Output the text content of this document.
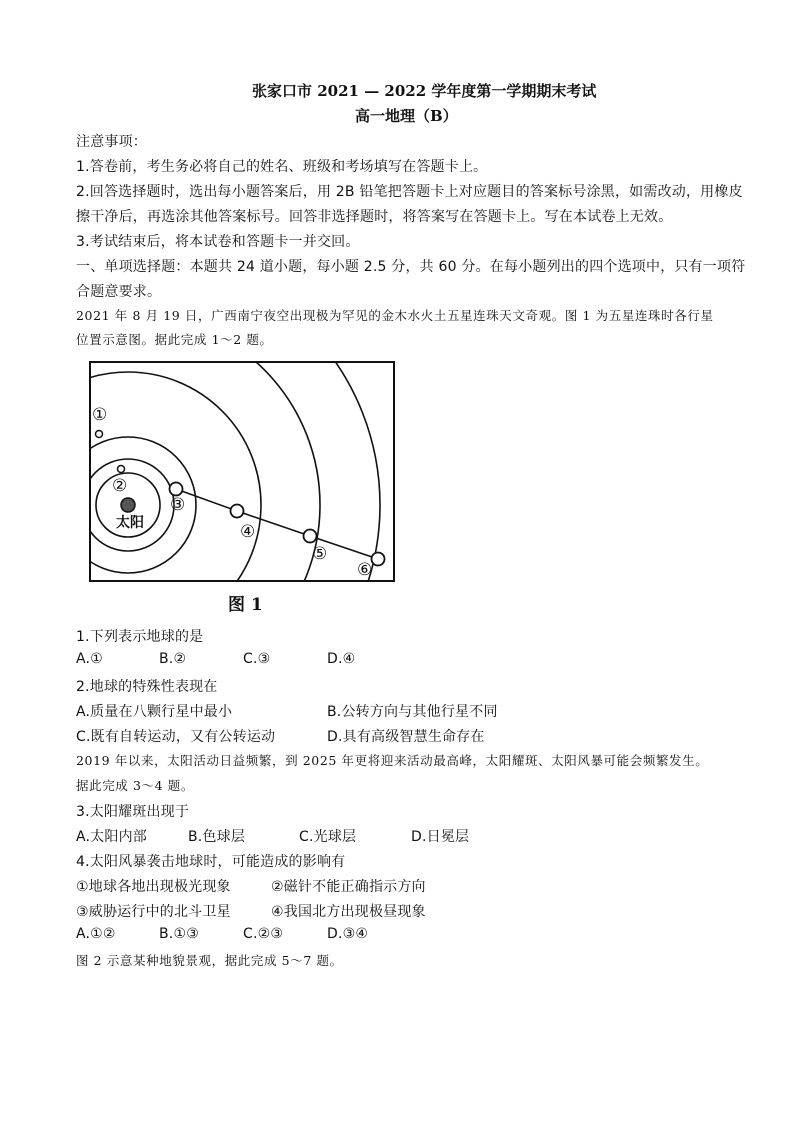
张家口市 2021 — 2022 学年度第一学期期末考试
高一地理（B）
注意事项：
1.答卷前，考生务必将自己的姓名、班级和考场填写在答题卡上。
2.回答选择题时，选出每小题答案后，用 2B 铅笔把答题卡上对应题目的答案标号涂黑，如需改动，用橡皮
擦干净后，再选涂其他答案标号。回答非选择题时，将答案写在答题卡上。写在本试卷上无效。
3.考试结束后，将本试卷和答题卡一并交回。
一、单项选择题：本题共 24 道小题，每小题 2.5 分，共 60 分。在每小题列出的四个选项中，只有一项符
合题意要求。
2021 年 8 月 19 日，广西南宁夜空出现极为罕见的金木水火土五星连珠天文奇观。图 1 为五星连珠时各行星
位置示意图。据此完成 1～2 题。
太阳
①
②
③
④
⑤
⑥
图 1
1.下列表示地球的是
A.①	B.②	C.③	D.④
2.地球的特殊性表现在
A.质量在八颗行星中最小	B.公转方向与其他行星不同
C.既有自转运动，又有公转运动	D.具有高级智慧生命存在
2019 年以来，太阳活动日益频繁，到 2025 年更将迎来活动最高峰，太阳耀斑、太阳风暴可能会频繁发生。
据此完成 3～4 题。
3.太阳耀斑出现于
A.太阳内部	B.色球层	C.光球层	D.日冕层
4.太阳风暴袭击地球时，可能造成的影响有
①地球各地出现极光现象	②磁针不能正确指示方向
③威胁运行中的北斗卫星	④我国北方出现极昼现象
A.①②	B.①③	C.②③	D.③④
图 2 示意某种地貌景观，据此完成 5～7 题。
